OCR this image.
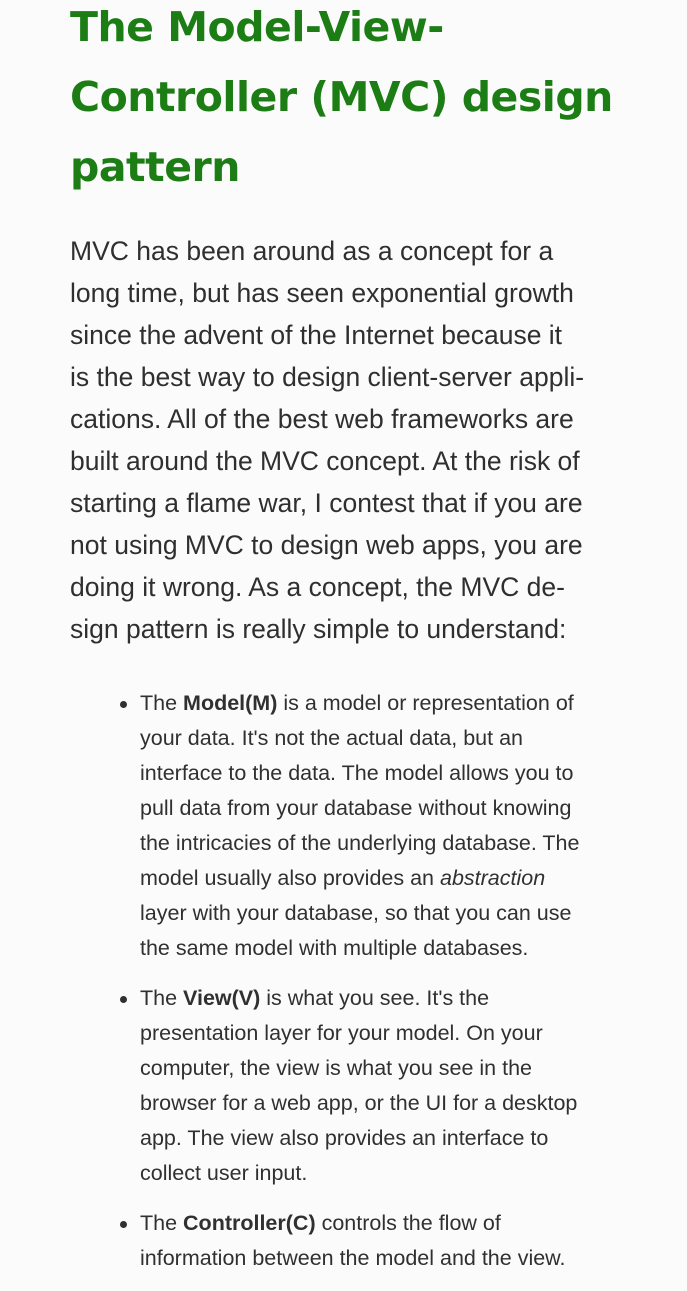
The Model-View-
Controller (MVC) design
pattern

MVC has been around as a concept for a
long time, but has seen exponential growth
since the advent of the Internet because it
is the best way to design client-server appli-
cations. All of the best web frameworks are
built around the MVC concept. At the risk of
starting a flame war, I contest that if you are
not using MVC to design web apps, you are
doing it wrong. As a concept, the MVC de-
sign pattern is really simple to understand:

The Model(M) is a model or representation of
your data. It's not the actual data, but an
interface to the data. The model allows you to
pull data from your database without knowing
the intricacies of the underlying database. The
model usually also provides an abstraction
layer with your database, so that you can use
the same model with multiple databases.
The View(V) is what you see. It's the
presentation layer for your model. On your
computer, the view is what you see in the
browser for a web app, or the UI for a desktop
app. The view also provides an interface to
collect user input.
The Controller(C) controls the flow of
information between the model and the view.
